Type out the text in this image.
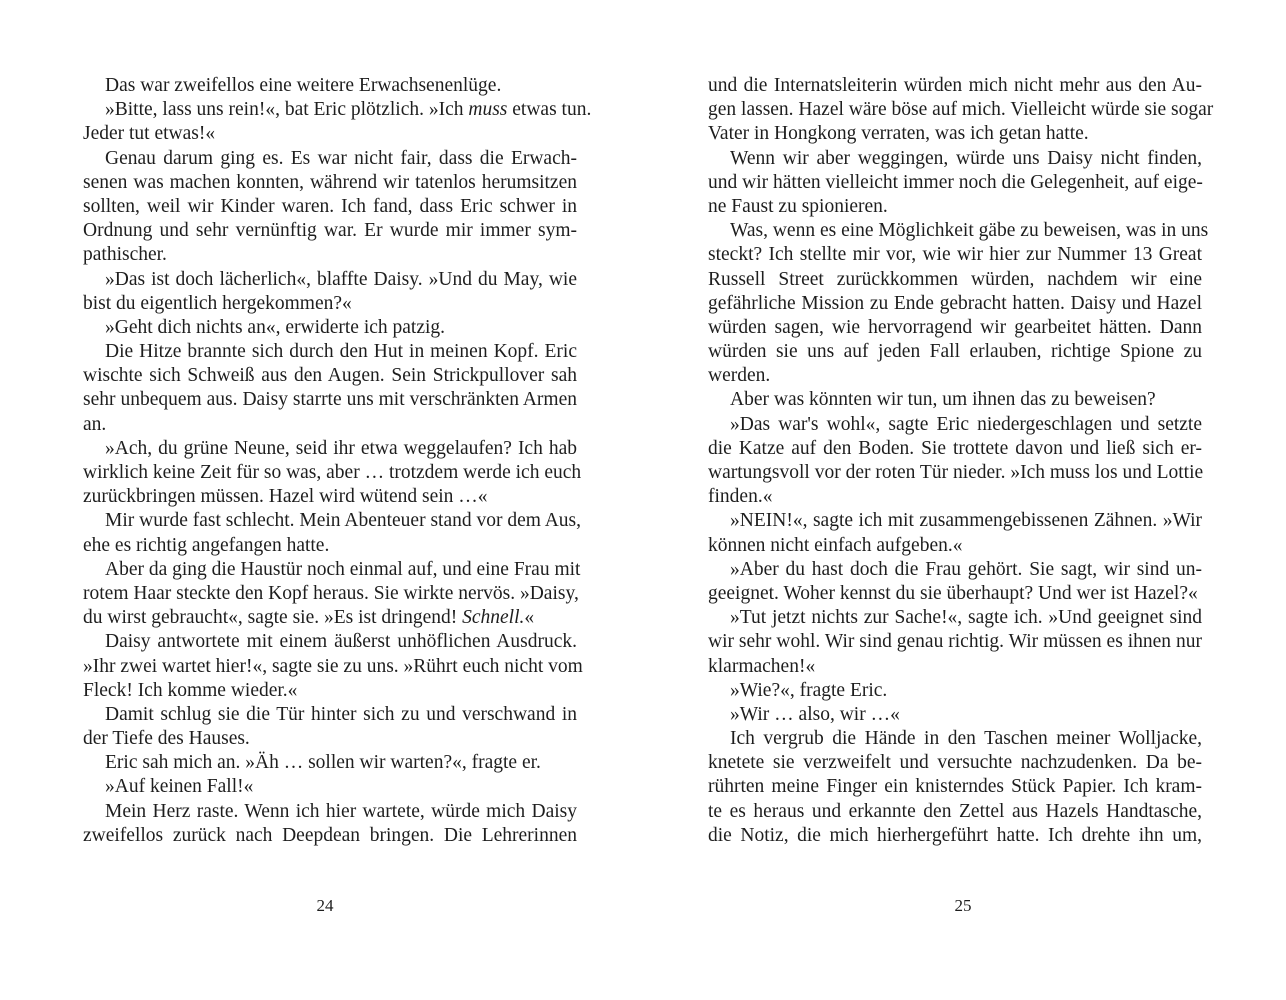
Das war zweifellos eine weitere Erwachsenenlüge.
»Bitte, lass uns rein!«, bat Eric plötzlich. »Ich muss etwas tun.
Jeder tut etwas!«
Genau darum ging es. Es war nicht fair, dass die Erwach-
senen was machen konnten, während wir tatenlos herumsitzen
sollten, weil wir Kinder waren. Ich fand, dass Eric schwer in
Ordnung und sehr vernünftig war. Er wurde mir immer sym-
pathischer.
»Das ist doch lächerlich«, blaffte Daisy. »Und du May, wie
bist du eigentlich hergekommen?«
»Geht dich nichts an«, erwiderte ich patzig.
Die Hitze brannte sich durch den Hut in meinen Kopf. Eric
wischte sich Schweiß aus den Augen. Sein Strickpullover sah
sehr unbequem aus. Daisy starrte uns mit verschränkten Armen
an.
»Ach, du grüne Neune, seid ihr etwa weggelaufen? Ich hab
wirklich keine Zeit für so was, aber … trotzdem werde ich euch
zurückbringen müssen. Hazel wird wütend sein …«
Mir wurde fast schlecht. Mein Abenteuer stand vor dem Aus,
ehe es richtig angefangen hatte.
Aber da ging die Haustür noch einmal auf, und eine Frau mit
rotem Haar steckte den Kopf heraus. Sie wirkte nervös. »Daisy,
du wirst gebraucht«, sagte sie. »Es ist dringend! Schnell.«
Daisy antwortete mit einem äußerst unhöflichen Ausdruck.
»Ihr zwei wartet hier!«, sagte sie zu uns. »Rührt euch nicht vom
Fleck! Ich komme wieder.«
Damit schlug sie die Tür hinter sich zu und verschwand in
der Tiefe des Hauses.
Eric sah mich an. »Äh … sollen wir warten?«, fragte er.
»Auf keinen Fall!«
Mein Herz raste. Wenn ich hier wartete, würde mich Daisy
zweifellos zurück nach Deepdean bringen. Die Lehrerinnen
und die Internatsleiterin würden mich nicht mehr aus den Au-
gen lassen. Hazel wäre böse auf mich. Vielleicht würde sie sogar
Vater in Hongkong verraten, was ich getan hatte.
Wenn wir aber weggingen, würde uns Daisy nicht finden,
und wir hätten vielleicht immer noch die Gelegenheit, auf eige-
ne Faust zu spionieren.
Was, wenn es eine Möglichkeit gäbe zu beweisen, was in uns
steckt? Ich stellte mir vor, wie wir hier zur Nummer 13 Great
Russell Street zurückkommen würden, nachdem wir eine
gefährliche Mission zu Ende gebracht hatten. Daisy und Hazel
würden sagen, wie hervorragend wir gearbeitet hätten. Dann
würden sie uns auf jeden Fall erlauben, richtige Spione zu
werden.
Aber was könnten wir tun, um ihnen das zu beweisen?
»Das war's wohl«, sagte Eric niedergeschlagen und setzte
die Katze auf den Boden. Sie trottete davon und ließ sich er-
wartungsvoll vor der roten Tür nieder. »Ich muss los und Lottie
finden.«
»NEIN!«, sagte ich mit zusammengebissenen Zähnen. »Wir
können nicht einfach aufgeben.«
»Aber du hast doch die Frau gehört. Sie sagt, wir sind un-
geeignet. Woher kennst du sie überhaupt? Und wer ist Hazel?«
»Tut jetzt nichts zur Sache!«, sagte ich. »Und geeignet sind
wir sehr wohl. Wir sind genau richtig. Wir müssen es ihnen nur
klarmachen!«
»Wie?«, fragte Eric.
»Wir … also, wir …«
Ich vergrub die Hände in den Taschen meiner Wolljacke,
knetete sie verzweifelt und versuchte nachzudenken. Da be-
rührten meine Finger ein knisterndes Stück Papier. Ich kram-
te es heraus und erkannte den Zettel aus Hazels Handtasche,
die Notiz, die mich hierhergeführt hatte. Ich drehte ihn um,
24	25
